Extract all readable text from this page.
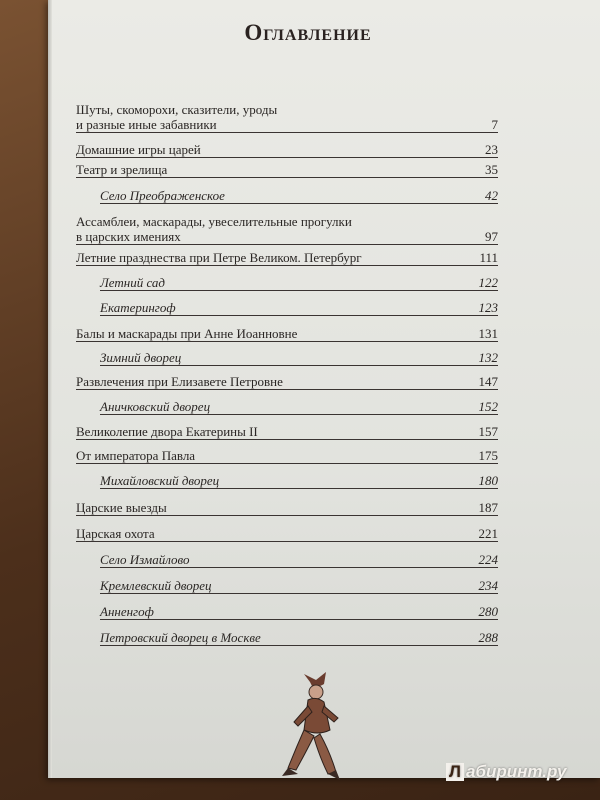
Оглавление
Шуты, скоморохи, сказители, уроды
и разные иные забавники	7
Домашние игры царей	23
Театр и зрелища	35
Село Преображенское	42
Ассамблеи, маскарады, увеселительные прогулки
в царских имениях	97
Летние празднества при Петре Великом. Петербург	111
Летний сад	122
Екатерингоф	123
Балы и маскарады при Анне Иоанновне	131
Зимний дворец	132
Развлечения при Елизавете Петровне	147
Аничковский дворец	152
Великолепие двора Екатерины II	157
От императора Павла	175
Михайловский дворец	180
Царские выезды	187
Царская охота	221
Село Измайлово	224
Кремлевский дворец	234
Анненгоф	280
Петровский дворец в Москве	288
Л абиринт.ру
